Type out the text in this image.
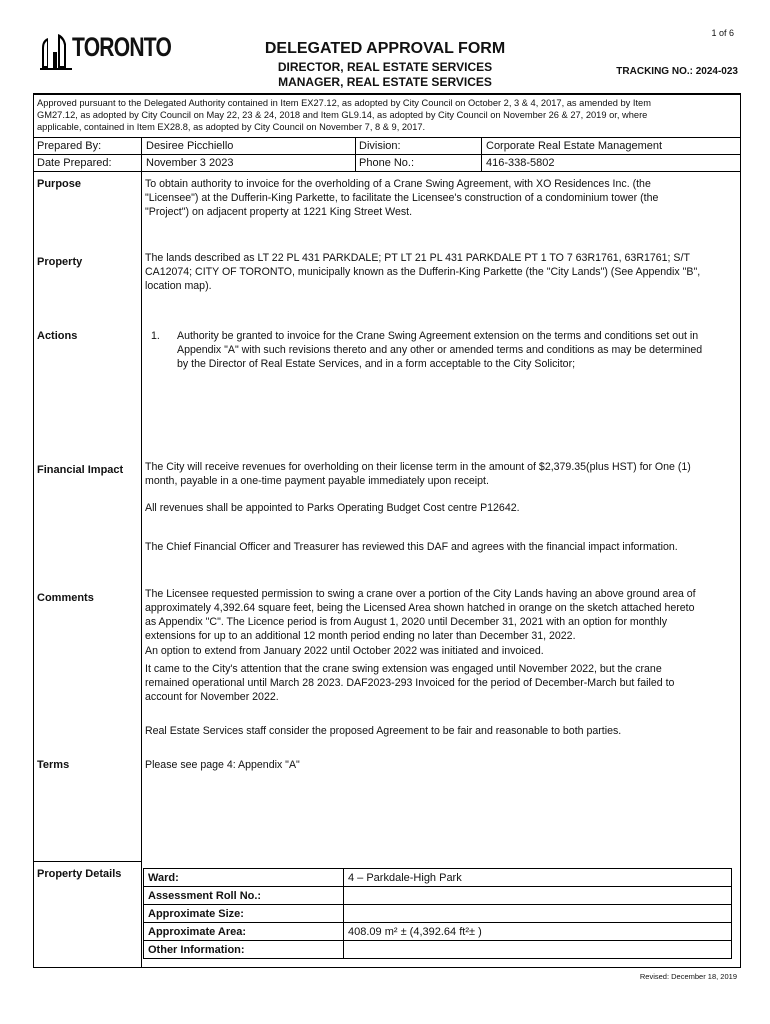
1 of 6
TORONTO	DELEGATED APPROVAL FORM
DIRECTOR, REAL ESTATE SERVICES
MANAGER, REAL ESTATE SERVICES
TRACKING NO.: 2024-023
Approved pursuant to the Delegated Authority contained in Item EX27.12, as adopted by City Council on October 2, 3 & 4, 2017, as amended by Item
GM27.12, as adopted by City Council on May 22, 23 & 24, 2018 and Item GL9.14, as adopted by City Council on November 26 & 27, 2019 or, where
applicable, contained in Item EX28.8, as adopted by City Council on November 7, 8 & 9, 2017.
Prepared By:	Desiree Picchiello	Division:	Corporate Real Estate Management
Date Prepared:	November 3 2023	Phone No.:	416-338-5802
Purpose	To obtain authority to invoice for the overholding of a Crane Swing Agreement, with XO Residences Inc. (the
"Licensee") at the Dufferin-King Parkette, to facilitate the Licensee's construction of a condominium tower (the
"Project") on adjacent property at 1221 King Street West.
Property	The lands described as LT 22 PL 431 PARKDALE; PT LT 21 PL 431 PARKDALE PT 1 TO 7 63R1761, 63R1761; S/T
CA12074; CITY OF TORONTO, municipally known as the Dufferin-King Parkette (the "City Lands") (See Appendix "B",
location map).
Actions	1. Authority be granted to invoice for the Crane Swing Agreement extension on the terms and conditions set out in
Appendix "A" with such revisions thereto and any other or amended terms and conditions as may be determined
by the Director of Real Estate Services, and in a form acceptable to the City Solicitor;
Financial Impact The City will receive revenues for overholding on their license term in the amount of $2,379.35(plus HST) for One (1)
month, payable in a one-time payment payable immediately upon receipt.
All revenues shall be appointed to Parks Operating Budget Cost centre P12642.
The Chief Financial Officer and Treasurer has reviewed this DAF and agrees with the financial impact information.
Comments	The Licensee requested permission to swing a crane over a portion of the City Lands having an above ground area of
approximately 4,392.64 square feet, being the Licensed Area shown hatched in orange on the sketch attached hereto
as Appendix "C". The Licence period is from August 1, 2020 until December 31, 2021 with an option for monthly
extensions for up to an additional 12 month period ending no later than December 31, 2022.
An option to extend from January 2022 until October 2022 was initiated and invoiced.
It came to the City's attention that the crane swing extension was engaged until November 2022, but the crane
remained operational until March 28 2023. DAF2023-293 Invoiced for the period of December-March but failed to
account for November 2022.
Real Estate Services staff consider the proposed Agreement to be fair and reasonable to both parties.
Terms	Please see page 4: Appendix "A"
Property Details Ward:	4 – Parkdale-High Park
Assessment Roll No.:	
Approximate Size:	
Approximate Area:	408.09 m² ± (4,392.64 ft²± )
Other Information:	
Revised: December 18, 2019
